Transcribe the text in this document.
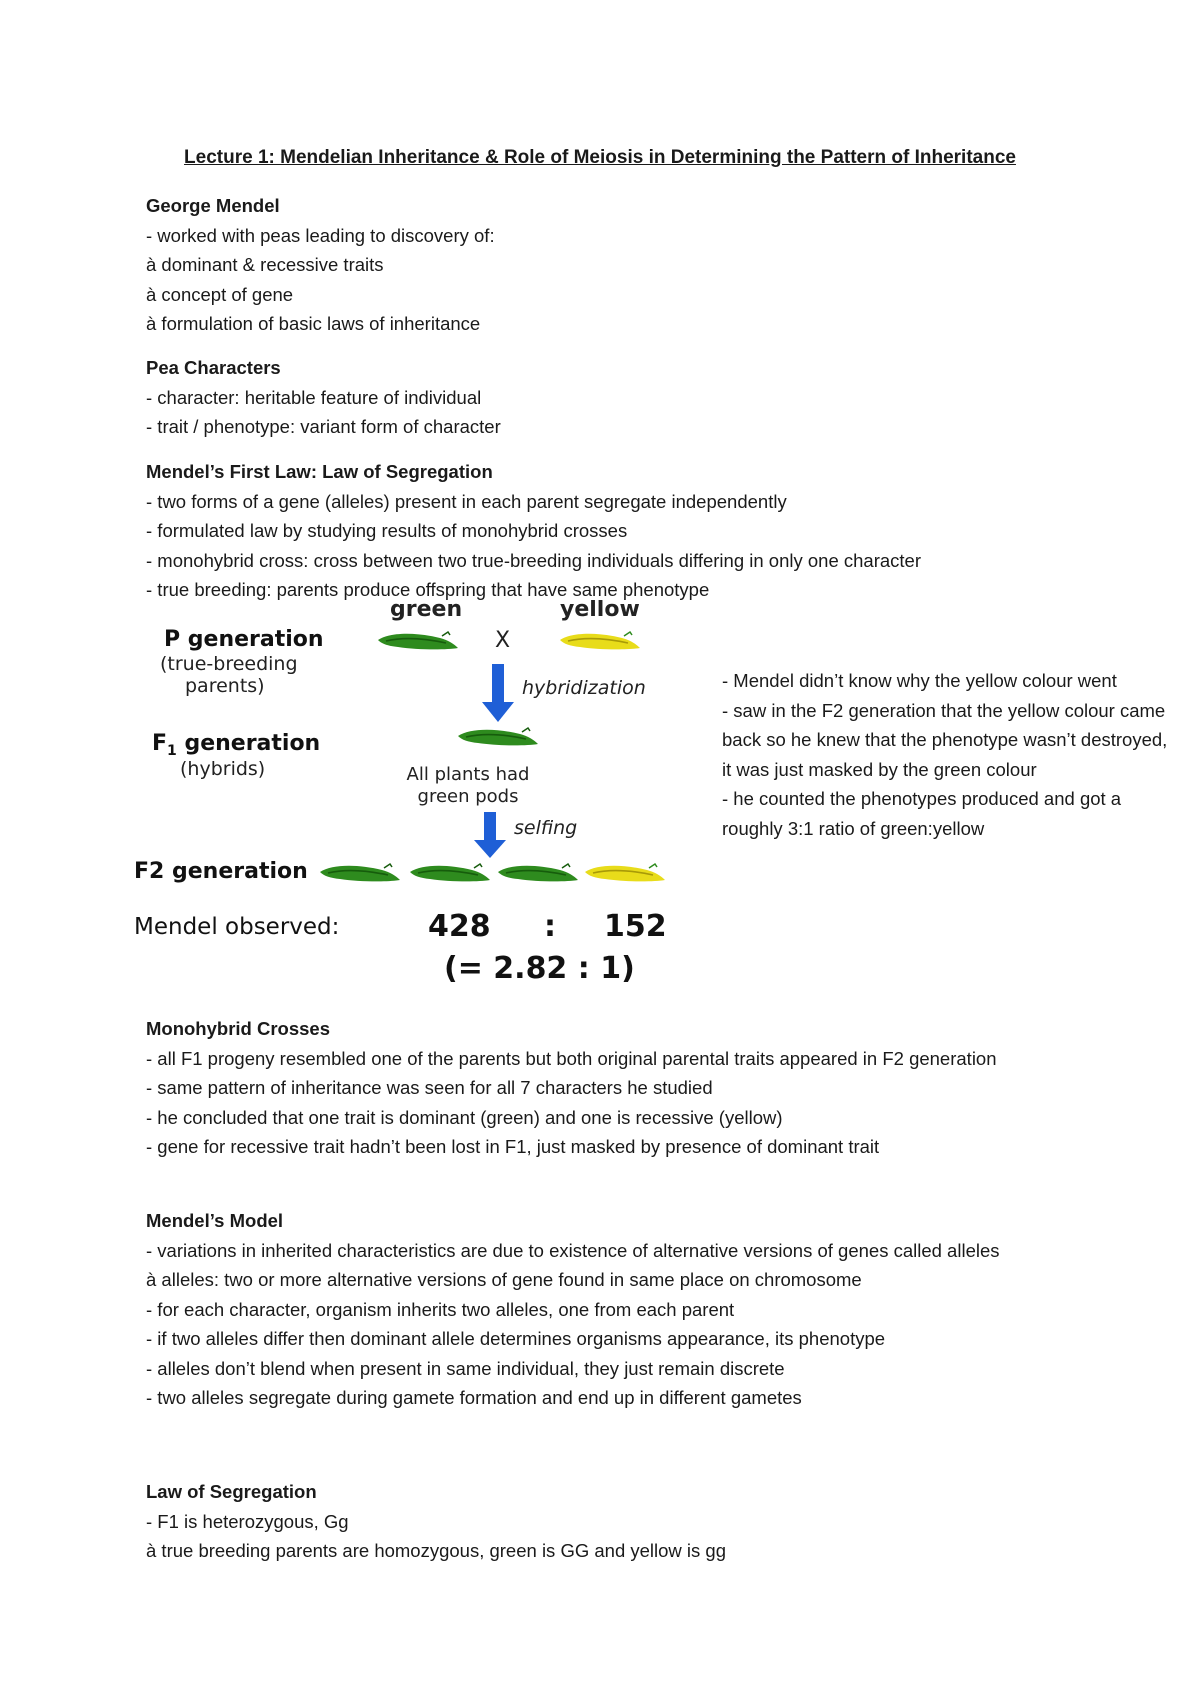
Lecture 1: Mendelian Inheritance & Role of Meiosis in Determining the Pattern of Inheritance
George Mendel
- worked with peas leading to discovery of:
à dominant & recessive traits
à concept of gene
à formulation of basic laws of inheritance
Pea Characters
- character: heritable feature of individual
- trait / phenotype: variant form of character
Mendel’s First Law: Law of Segregation
- two forms of a gene (alleles) present in each parent segregate independently
- formulated law by studying results of monohybrid crosses
- monohybrid cross: cross between two true-breeding individuals differing in only one character
- true breeding: parents produce offspring that have same phenotype
green	yellow
P generation
(true-breeding
parents)
X
hybridization
$F_1$ generation
(hybrids)	All plants had
green pods
selfing
F2 generation
Mendel observed:	428 : 152
(= 2.82 : 1)
- Mendel didn’t know why the yellow colour went
- saw in the F2 generation that the yellow colour came back so he knew that the phenotype wasn’t destroyed, it was just masked by the green colour
- he counted the phenotypes produced and got a roughly 3:1 ratio of green:yellow
Monohybrid Crosses
- all F1 progeny resembled one of the parents but both original parental traits appeared in F2 generation
- same pattern of inheritance was seen for all 7 characters he studied
- he concluded that one trait is dominant (green) and one is recessive (yellow)
- gene for recessive trait hadn’t been lost in F1, just masked by presence of dominant trait
Mendel’s Model
- variations in inherited characteristics are due to existence of alternative versions of genes called alleles
à alleles: two or more alternative versions of gene found in same place on chromosome
- for each character, organism inherits two alleles, one from each parent
- if two alleles differ then dominant allele determines organisms appearance, its phenotype
- alleles don’t blend when present in same individual, they just remain discrete
- two alleles segregate during gamete formation and end up in different gametes
Law of Segregation
- F1 is heterozygous, Gg
à true breeding parents are homozygous, green is GG and yellow is gg
